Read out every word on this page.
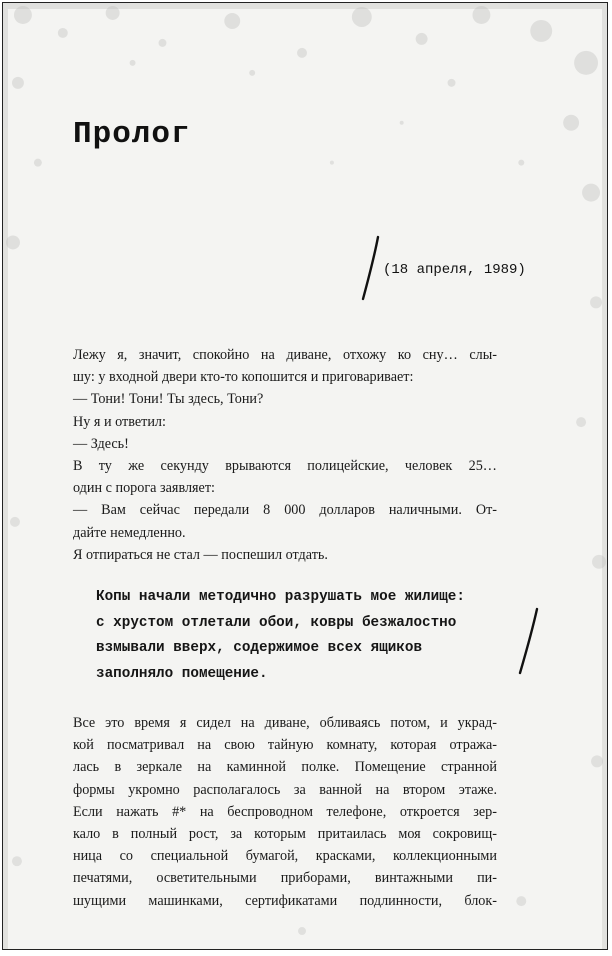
Пролог
(18 апреля, 1989)
Лежу я, значит, спокойно на диване, отхожу ко сну… слы-
шу: у входной двери кто-то копошится и приговаривает:
— Тони! Тони! Ты здесь, Тони?
Ну я и ответил:
— Здесь!
В ту же секунду врываются полицейские, человек 25…
один с порога заявляет:
— Вам сейчас передали 8 000 долларов наличными. От-
дайте немедленно.
Я отпираться не стал — поспешил отдать.
Копы начали методично разрушать мое жилище:
с хрустом отлетали обои, ковры безжалостно
взмывали вверх, содержимое всех ящиков
заполняло помещение.
Все это время я сидел на диване, обливаясь потом, и украд-
кой посматривал на свою тайную комнату, которая отража-
лась в зеркале на каминной полке. Помещение странной
формы укромно располагалось за ванной на втором этаже.
Если нажать #* на беспроводном телефоне, откроется зер-
кало в полный рост, за которым притаилась моя сокровищ-
ница со специальной бумагой, красками, коллекционными
печатями, осветительными приборами, винтажными пи-
шущими машинками, сертификатами подлинности, блок-
